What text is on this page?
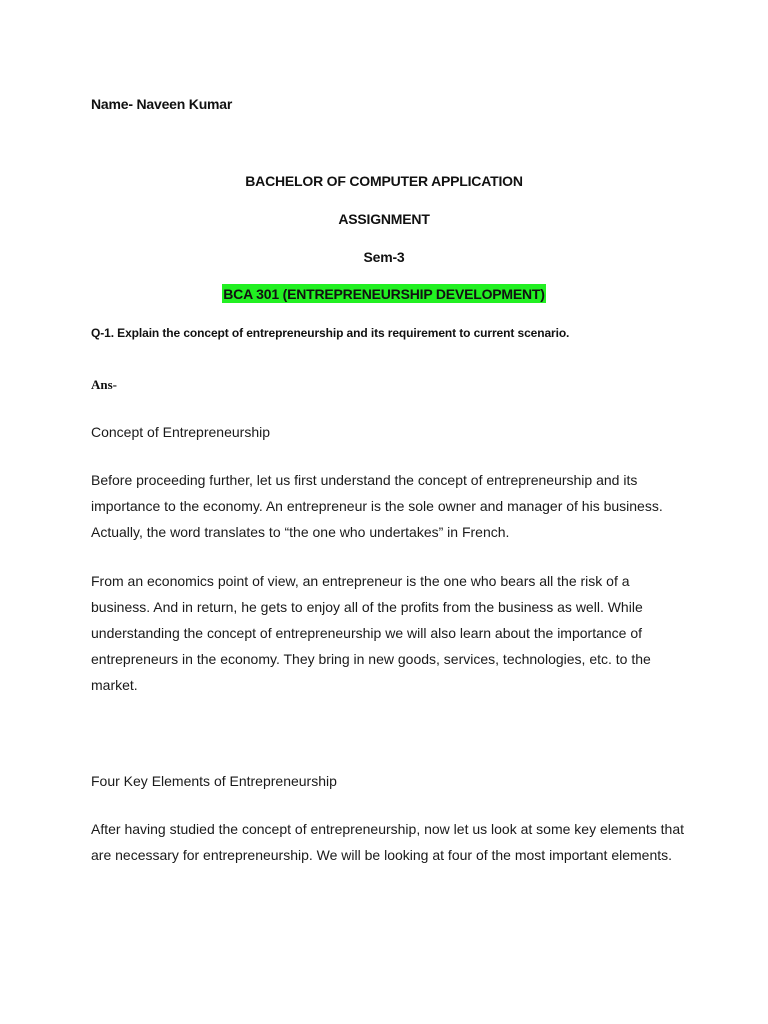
Name- Naveen Kumar
BACHELOR OF COMPUTER APPLICATION
ASSIGNMENT
Sem-3
BCA 301 (ENTREPRENEURSHIP DEVELOPMENT)
Q-1. Explain the concept of entrepreneurship and its requirement to current scenario.
Ans-
Concept of Entrepreneurship
Before proceeding further, let us first understand the concept of entrepreneurship and its importance to the economy. An entrepreneur is the sole owner and manager of his business. Actually, the word translates to “the one who undertakes” in French.
From an economics point of view, an entrepreneur is the one who bears all the risk of a business. And in return, he gets to enjoy all of the profits from the business as well. While understanding the concept of entrepreneurship we will also learn about the importance of entrepreneurs in the economy. They bring in new goods, services, technologies, etc. to the market.
Four Key Elements of Entrepreneurship
After having studied the concept of entrepreneurship, now let us look at some key elements that are necessary for entrepreneurship. We will be looking at four of the most important elements.
